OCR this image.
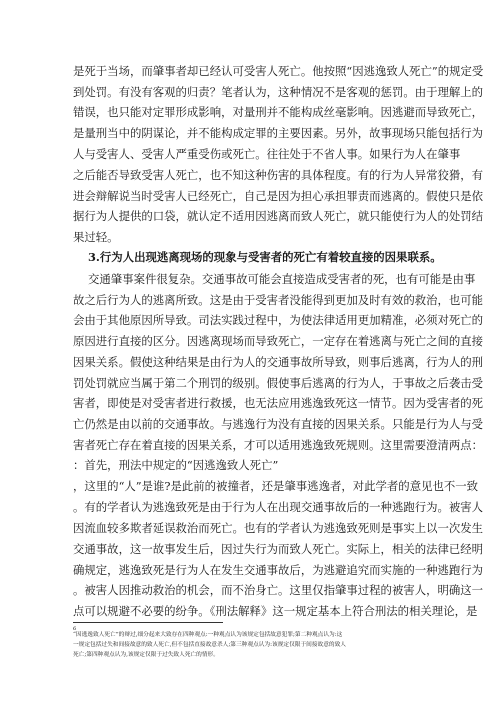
是死于当场，而肇事者却已经认可受害人死亡。他按照“因逃逸致人死亡”的规定受
到处罚。有没有客观的归责？笔者认为，这种情况不是客观的惩罚。由于理解上的
错误，也只能对定罪形成影响，对量刑并不能构成丝毫影响。因逃避而导致死亡，
是量刑当中的阴谋论，并不能构成定罪的主要因素。另外，故事现场只能包括行为
人与受害人、受害人严重受伤或死亡。往往处于不省人事。如果行为人在肇事
之后能否导致受害人死亡，也不知这种伤害的具体程度。有的行为人异常狡猾，有
进会辩解说当时受害人已经死亡，自己是因为担心承担罪责而逃离的。假使只是依
据行为人提供的口袋，就认定不适用因逃离而致人死亡，就只能使行为人的处罚结
果过轻。
3.行为人出现逃离现场的现象与受害者的死亡有着较直接的因果联系。
交通肇事案件很复杂。交通事故可能会直接造成受害者的死，也有可能是由事
故之后行为人的逃离所致。这是由于受害者没能得到更加及时有效的救治，也可能
会由于其他原因所导致。司法实践过程中，为使法律适用更加精准，必须对死亡的
原因进行直接的区分。因逃离现场而导致死亡，一定存在着逃离与死亡之间的直接
因果关系。假使这种结果是由行为人的交通事故所导致，则事后逃离，行为人的刑
罚处罚就应当属于第二个刑罚的级别。假使事后逃离的行为人，于事故之后袭击受
害者，即使是对受害者进行救援，也无法应用逃逸致死这一情节。因为受害者的死
亡仍然是由以前的交通事故。与逃逸行为没有直接的因果关系。只能是行为人与受
害者死亡存在着直接的因果关系，才可以适用逃逸致死规则。这里需要澄清两点：
：首先，刑法中规定的“因逃逸致人死亡”
，这里的“人”是谁?是此前的被撞者，还是肇事逃逸者，对此学者的意见也不一致
。有的学者认为逃逸致死是由于行为人在出现交通事故后的一种逃跑行为。被害人
因流血较多欺者延误救治而死亡。也有的学者认为逃逸致死则是事实上以一次发生
交通事故，这一故事发生后，因过失行为而致人死亡。实际上，相关的法律已经明
确规定，逃逸致死是行为人在发生交通事故后，为逃避追究而实施的一种逃跑行为
。被害人因推动救治的机会，而不治身亡。这里仅指肇事过程的被害人，明确这一
点可以规避不必要的纷争。《刑法解释》这一规定基本上符合刑法的相关理论，是
6
“因逃逸致人死亡”的辩过,细分起来大致存在四种观点:一种观点认为该规定包括故意犯罪;第二种观点认为:这
一规定包括过失和间接故意的致人死亡,但不包括直接故意杀人;第三种观点认为:该规定仅限于间接故意的致人
死亡;第四种观点认为,该规定仅限于过失致人死亡的情形。
